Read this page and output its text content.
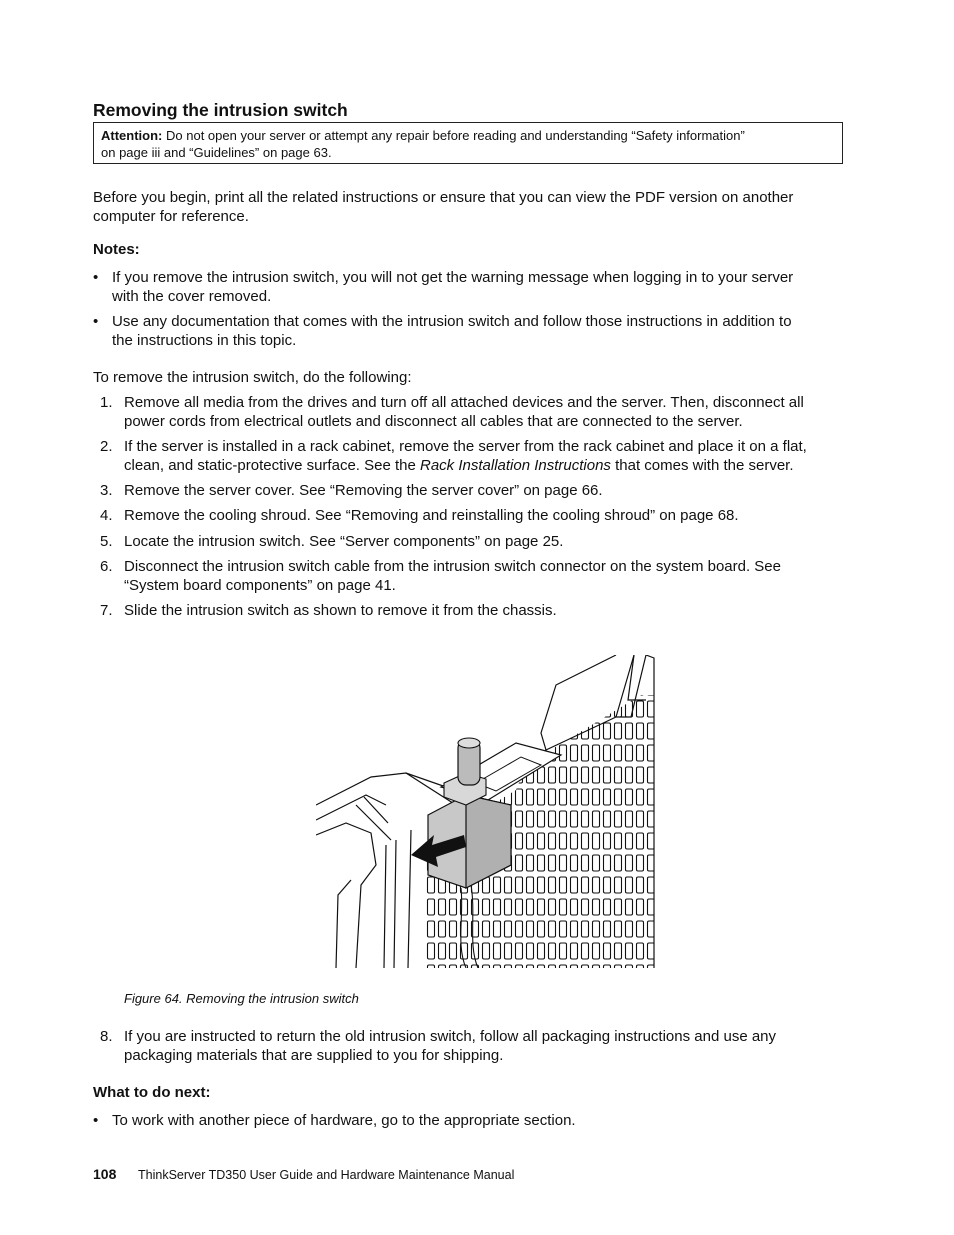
Removing the intrusion switch
Attention: Do not open your server or attempt any repair before reading and understanding “Safety information”
on page iii and “Guidelines” on page 63.
Before you begin, print all the related instructions or ensure that you can view the PDF version on another
computer for reference.
Notes:
• If you remove the intrusion switch, you will not get the warning message when logging in to your server
with the cover removed.
• Use any documentation that comes with the intrusion switch and follow those instructions in addition to
the instructions in this topic.
To remove the intrusion switch, do the following:
1. Remove all media from the drives and turn off all attached devices and the server. Then, disconnect all
power cords from electrical outlets and disconnect all cables that are connected to the server.
2. If the server is installed in a rack cabinet, remove the server from the rack cabinet and place it on a flat,
clean, and static-protective surface. See the Rack Installation Instructions that comes with the server.
3. Remove the server cover. See “Removing the server cover” on page 66.
4. Remove the cooling shroud. See “Removing and reinstalling the cooling shroud” on page 68.
5. Locate the intrusion switch. See “Server components” on page 25.
6. Disconnect the intrusion switch cable from the intrusion switch connector on the system board. See
“System board components” on page 41.
7. Slide the intrusion switch as shown to remove it from the chassis.
Figure 64. Removing the intrusion switch
8. If you are instructed to return the old intrusion switch, follow all packaging instructions and use any
packaging materials that are supplied to you for shipping.
What to do next:
• To work with another piece of hardware, go to the appropriate section.
108 ThinkServer TD350 User Guide and Hardware Maintenance Manual
